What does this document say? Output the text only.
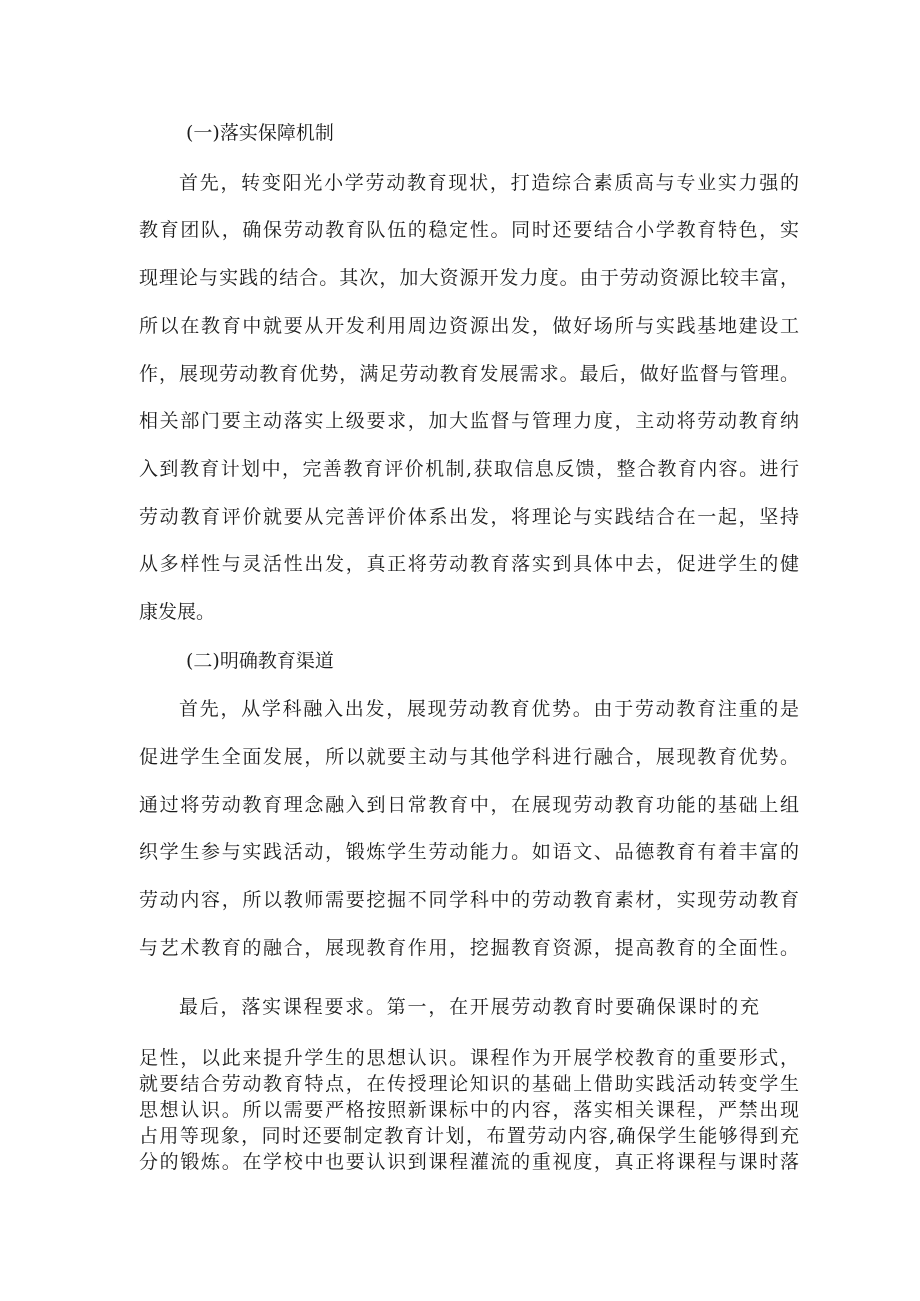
(一)落实保障机制
首先，转变阳光小学劳动教育现状，打造综合素质高与专业实力强的
教育团队，确保劳动教育队伍的稳定性。同时还要结合小学教育特色，实
现理论与实践的结合。其次，加大资源开发力度。由于劳动资源比较丰富，
所以在教育中就要从开发利用周边资源出发，做好场所与实践基地建设工
作，展现劳动教育优势，满足劳动教育发展需求。最后，做好监督与管理。
相关部门要主动落实上级要求，加大监督与管理力度，主动将劳动教育纳
入到教育计划中，完善教育评价机制,获取信息反馈，整合教育内容。进行
劳动教育评价就要从完善评价体系出发，将理论与实践结合在一起，坚持
从多样性与灵活性出发，真正将劳动教育落实到具体中去，促进学生的健
康发展。
(二)明确教育渠道
首先，从学科融入出发，展现劳动教育优势。由于劳动教育注重的是
促进学生全面发展，所以就要主动与其他学科进行融合，展现教育优势。
通过将劳动教育理念融入到日常教育中，在展现劳动教育功能的基础上组
织学生参与实践活动，锻炼学生劳动能力。如语文、品德教育有着丰富的
劳动内容，所以教师需要挖掘不同学科中的劳动教育素材，实现劳动教育
与艺术教育的融合，展现教育作用，挖掘教育资源，提高教育的全面性。
最后，落实课程要求。第一，在开展劳动教育时要确保课时的充
足性，以此来提升学生的思想认识。课程作为开展学校教育的重要形式，
就要结合劳动教育特点，在传授理论知识的基础上借助实践活动转变学生
思想认识。所以需要严格按照新课标中的内容，落实相关课程，严禁出现
占用等现象，同时还要制定教育计划，布置劳动内容,确保学生能够得到充
分的锻炼。在学校中也要认识到课程灌流的重视度，真正将课程与课时落
